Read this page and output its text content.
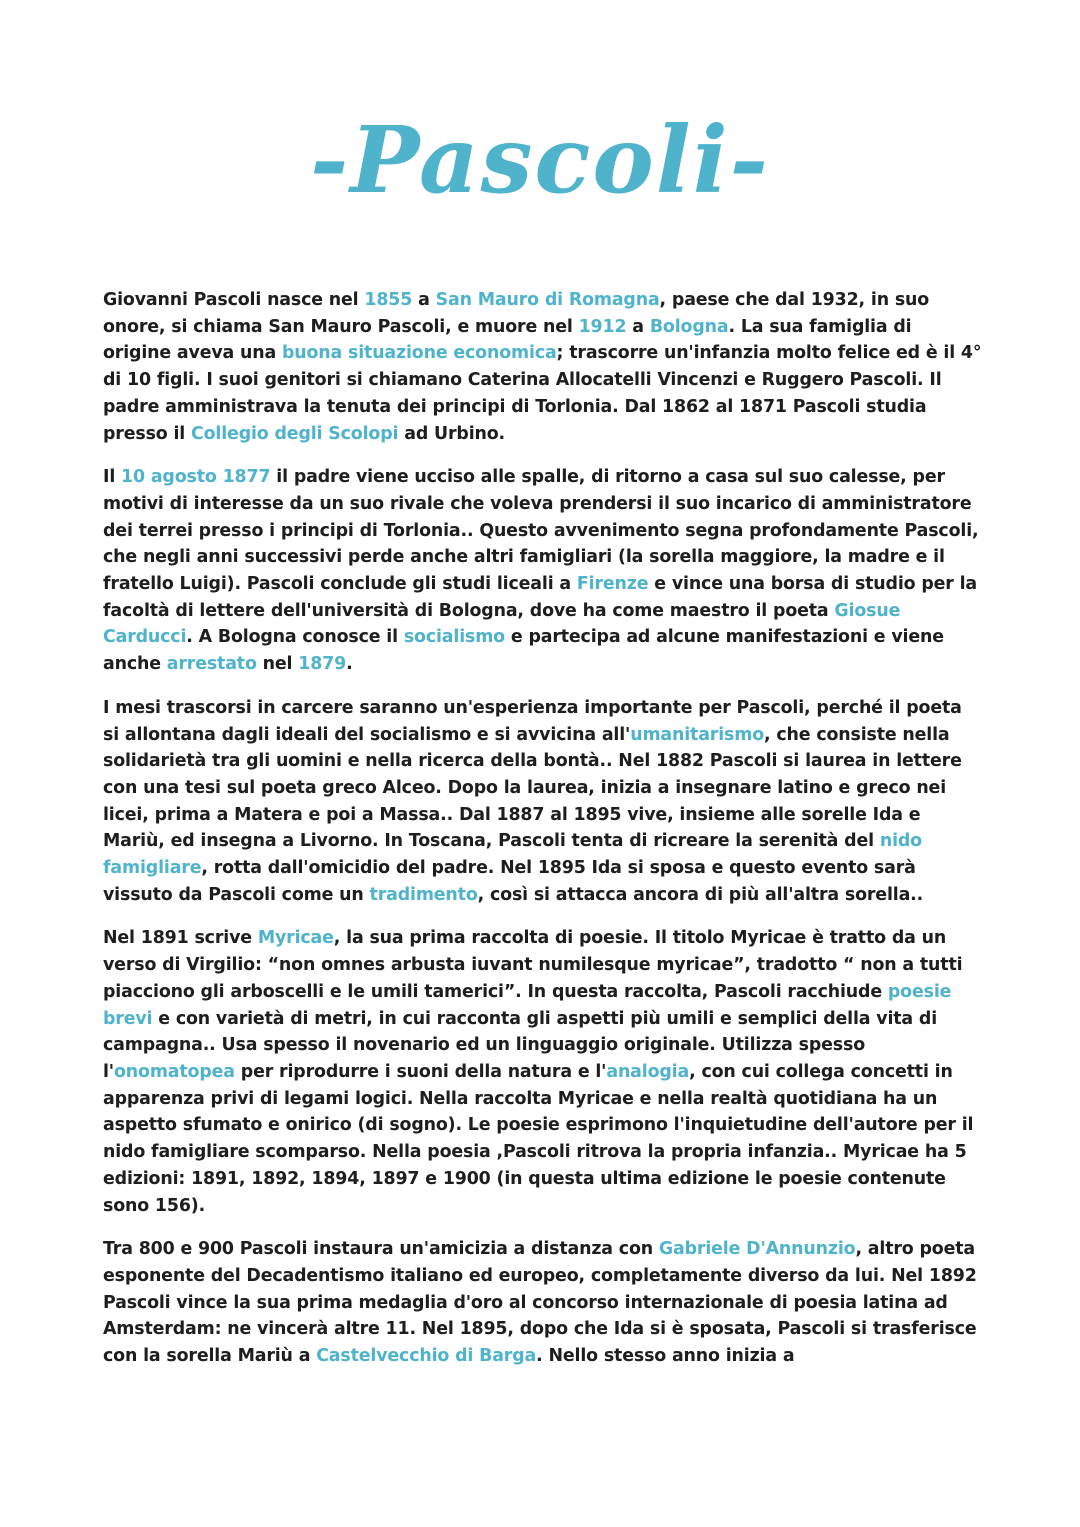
-Pascoli-

Giovanni Pascoli nasce nel 1855 a San Mauro di Romagna, paese che dal 1932, in suo onore, si chiama San Mauro Pascoli, e muore nel 1912 a Bologna. La sua famiglia di origine aveva una buona situazione economica; trascorre un'infanzia molto felice ed è il 4° di 10 figli. I suoi genitori si chiamano Caterina Allocatelli Vincenzi e Ruggero Pascoli. Il padre amministrava la tenuta dei principi di Torlonia. Dal 1862 al 1871 Pascoli studia presso il Collegio degli Scolopi ad Urbino.

Il 10 agosto 1877 il padre viene ucciso alle spalle, di ritorno a casa sul suo calesse, per motivi di interesse da un suo rivale che voleva prendersi il suo incarico di amministratore dei terrei presso i principi di Torlonia.. Questo avvenimento segna profondamente Pascoli, che negli anni successivi perde anche altri famigliari (la sorella maggiore, la madre e il fratello Luigi). Pascoli conclude gli studi liceali a Firenze e vince una borsa di studio per la facoltà di lettere dell'università di Bologna, dove ha come maestro il poeta Giosue Carducci. A Bologna conosce il socialismo e partecipa ad alcune manifestazioni e viene anche arrestato nel 1879.

I mesi trascorsi in carcere saranno un'esperienza importante per Pascoli, perché il poeta si allontana dagli ideali del socialismo e si avvicina all'umanitarismo, che consiste nella solidarietà tra gli uomini e nella ricerca della bontà.. Nel 1882 Pascoli si laurea in lettere con una tesi sul poeta greco Alceo. Dopo la laurea, inizia a insegnare latino e greco nei licei, prima a Matera e poi a Massa.. Dal 1887 al 1895 vive, insieme alle sorelle Ida e Mariù, ed insegna a Livorno. In Toscana, Pascoli tenta di ricreare la serenità del nido famigliare, rotta dall'omicidio del padre. Nel 1895 Ida si sposa e questo evento sarà vissuto da Pascoli come un tradimento, così si attacca ancora di più all'altra sorella..

Nel 1891 scrive Myricae, la sua prima raccolta di poesie. Il titolo Myricae è tratto da un verso di Virgilio: “non omnes arbusta iuvant numilesque myricae”, tradotto “ non a tutti piacciono gli arboscelli e le umili tamerici”. In questa raccolta, Pascoli racchiude poesie brevi e con varietà di metri, in cui racconta gli aspetti più umili e semplici della vita di campagna.. Usa spesso il novenario ed un linguaggio originale. Utilizza spesso l'onomatopea per riprodurre i suoni della natura e l'analogia, con cui collega concetti in apparenza privi di legami logici. Nella raccolta Myricae e nella realtà quotidiana ha un aspetto sfumato e onirico (di sogno). Le poesie esprimono l'inquietudine dell'autore per il nido famigliare scomparso. Nella poesia ,Pascoli ritrova la propria infanzia.. Myricae ha 5 edizioni: 1891, 1892, 1894, 1897 e 1900 (in questa ultima edizione le poesie contenute sono 156).

Tra 800 e 900 Pascoli instaura un'amicizia a distanza con Gabriele D'Annunzio, altro poeta esponente del Decadentismo italiano ed europeo, completamente diverso da lui. Nel 1892 Pascoli vince la sua prima medaglia d'oro al concorso internazionale di poesia latina ad Amsterdam: ne vincerà altre 11. Nel 1895, dopo che Ida si è sposata, Pascoli si trasferisce con la sorella Mariù a Castelvecchio di Barga. Nello stesso anno inizia a
